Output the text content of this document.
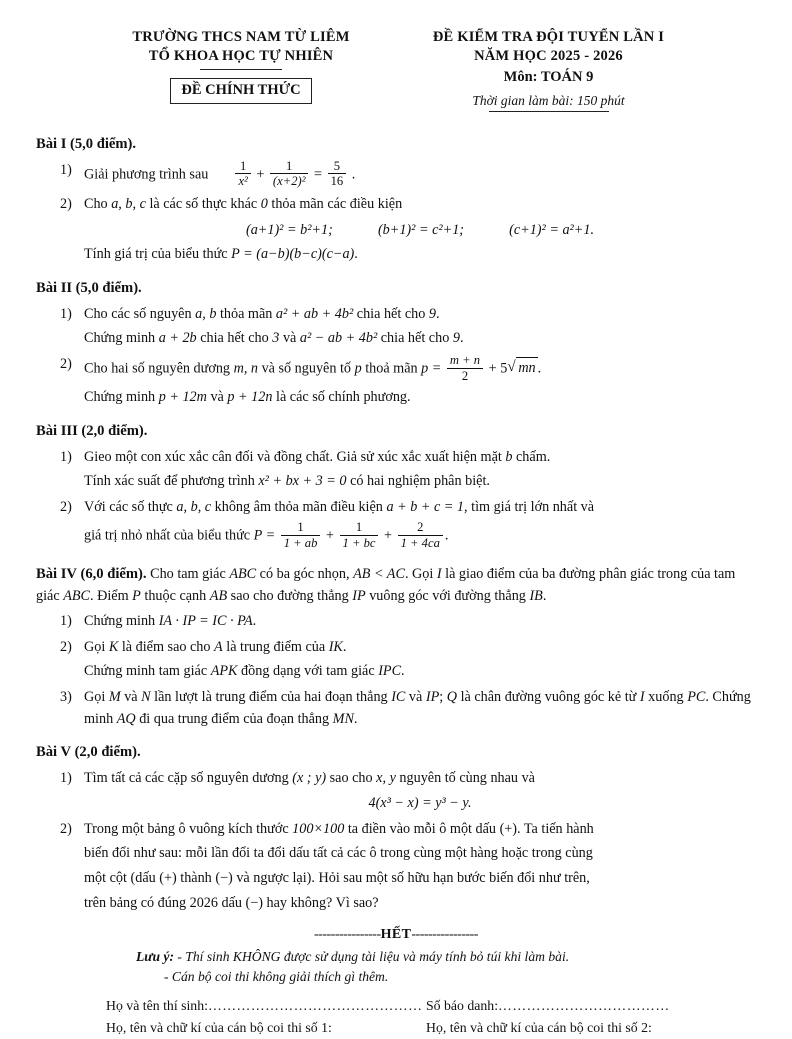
TRƯỜNG THCS NAM TỪ LIÊM
TỔ KHOA HỌC TỰ NHIÊN
ĐỀ CHÍNH THỨC
ĐỀ KIỂM TRA ĐỘI TUYỂN LẦN I
NĂM HỌC 2025 - 2026
Môn: TOÁN 9
Thời gian làm bài: 150 phút
Bài I (5,0 điểm).
1) Giải phương trình sau $\frac{1}{\text{x²}} + \frac{1}{\text{(x+2)²}} = \frac{5}{16}$ .
2) Cho a, b, c là các số thực khác 0 thỏa mãn các điều kiện
(a+1)² = b²+1;	(b+1)² = c²+1;	(c+1)² = a²+1.
Tính giá trị của biểu thức P = (a−b)(b−c)(c−a).
Bài II (5,0 điểm).
1) Cho các số nguyên a, b thỏa mãn a² + ab + 4b² chia hết cho 9.
Chứng minh a + 2b chia hết cho 3 và a² − ab + 4b² chia hết cho 9.
2) Cho hai số nguyên dương m, n và số nguyên tố p thoả mãn $p = \frac{m + n}{2} + 5$ √ mn .
Chứng minh p + 12m và p + 12n là các số chính phương.
Bài III (2,0 điểm).
1) Gieo một con xúc xắc cân đối và đồng chất. Giả sử xúc xắc xuất hiện mặt b chấm.
Tính xác suất để phương trình x² + bx + 3 = 0 có hai nghiệm phân biệt.
2) Với các số thực a, b, c không âm thỏa mãn điều kiện a + b + c = 1, tìm giá trị lớn nhất và
giá trị nhỏ nhất của biểu thức $P = \frac{1}{1 + ab} + \frac{1}{1 + bc} + \frac{2}{1 + 4ca}$ .
Bài IV (6,0 điểm). Cho tam giác ABC có ba góc nhọn, AB < AC. Gọi I là giao điểm của ba đường phân giác trong của tam giác ABC. Điểm P thuộc cạnh AB sao cho đường thẳng IP vuông góc với đường thẳng IB.
1) Chứng minh IA · IP = IC · PA.
2) Gọi K là điểm sao cho A là trung điểm của IK.
Chứng minh tam giác APK đồng dạng với tam giác IPC.
3) Gọi M và N lần lượt là trung điểm của hai đoạn thẳng IC và IP; Q là chân đường vuông góc kẻ từ I xuống PC. Chứng minh AQ đi qua trung điểm của đoạn thẳng MN.
Bài V (2,0 điểm).
1) Tìm tất cả các cặp số nguyên dương (x ; y) sao cho x, y nguyên tố cùng nhau và
4(x³ − x) = y³ − y.
2) Trong một bảng ô vuông kích thước 100×100 ta điền vào mỗi ô một dấu (+). Ta tiến hành
biến đổi như sau: mỗi lần đổi ta đổi dấu tất cả các ô trong cùng một hàng hoặc trong cùng
một cột (dấu (+) thành (−) và ngược lại). Hỏi sau một số hữu hạn bước biến đổi như trên,
trên bảng có đúng 2026 dấu (−) hay không? Vì sao?
----------------HẾT----------------
Lưu ý: - Thí sinh KHÔNG được sử dụng tài liệu và máy tính bỏ túi khi làm bài.
- Cán bộ coi thi không giải thích gì thêm.
Họ và tên thí sinh:……………………………………… Số báo danh:………………………………
Họ, tên và chữ kí của cán bộ coi thi số 1:	Họ, tên và chữ kí của cán bộ coi thi số 2:
